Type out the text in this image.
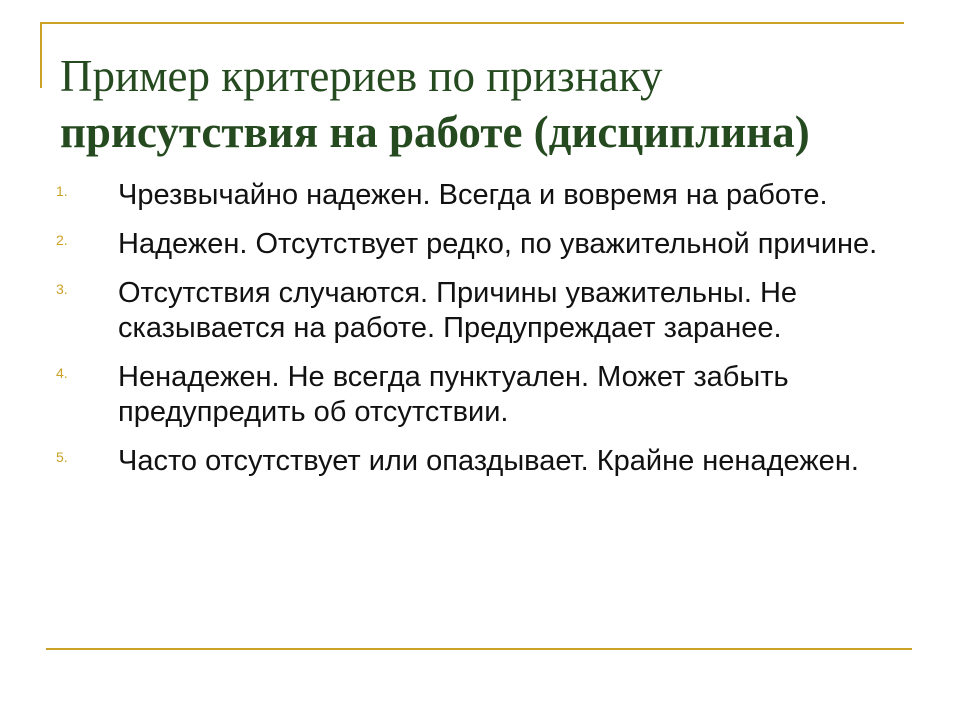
Пример критериев по признаку
присутствия на работе (дисциплина)
1. Чрезвычайно надежен. Всегда и вовремя на работе.
2. Надежен. Отсутствует редко, по уважительной причине.
3. Отсутствия случаются. Причины уважительны. Не сказывается на работе. Предупреждает заранее.
4. Ненадежен. Не всегда пунктуален. Может забыть предупредить об отсутствии.
5. Часто отсутствует или опаздывает. Крайне ненадежен.
